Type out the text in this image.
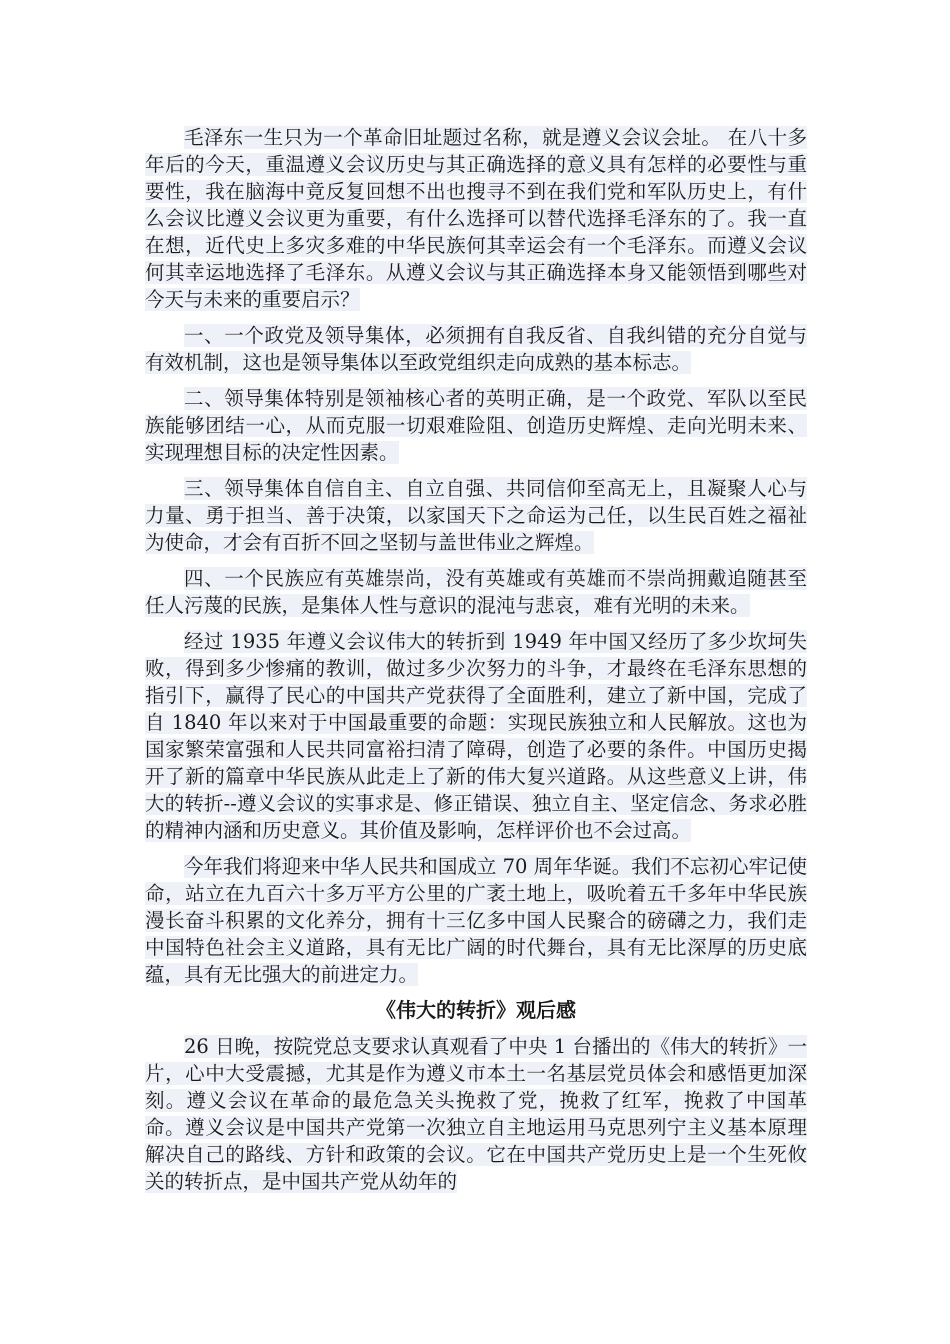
毛泽东一生只为一个革命旧址题过名称，就是遵义会议会址。 在八十多年后的今天，重温遵义会议历史与其正确选择的意义具有怎样的必要性与重要性，我在脑海中竟反复回想不出也搜寻不到在我们党和军队历史上，有什么会议比遵义会议更为重要，有什么选择可以替代选择毛泽东的了。我一直在想，近代史上多灾多难的中华民族何其幸运会有一个毛泽东。而遵义会议何其幸运地选择了毛泽东。从遵义会议与其正确选择本身又能领悟到哪些对今天与未来的重要启示？

一、一个政党及领导集体，必须拥有自我反省、自我纠错的充分自觉与有效机制，这也是领导集体以至政党组织走向成熟的基本标志。

二、领导集体特别是领袖核心者的英明正确，是一个政党、军队以至民族能够团结一心，从而克服一切艰难险阻、创造历史辉煌、走向光明未来、实现理想目标的决定性因素。

三、领导集体自信自主、自立自强、共同信仰至高无上，且凝聚人心与力量、勇于担当、善于决策，以家国天下之命运为己任，以生民百姓之福祉为使命，才会有百折不回之坚韧与盖世伟业之辉煌。

四、一个民族应有英雄崇尚，没有英雄或有英雄而不崇尚拥戴追随甚至任人污蔑的民族，是集体人性与意识的混沌与悲哀，难有光明的未来。

经过 1935 年遵义会议伟大的转折到 1949 年中国又经历了多少坎坷失败，得到多少惨痛的教训，做过多少次努力的斗争，才最终在毛泽东思想的指引下，赢得了民心的中国共产党获得了全面胜利，建立了新中国，完成了自 1840 年以来对于中国最重要的命题：实现民族独立和人民解放。这也为国家繁荣富强和人民共同富裕扫清了障碍，创造了必要的条件。中国历史揭开了新的篇章中华民族从此走上了新的伟大复兴道路。从这些意义上讲，伟大的转折--遵义会议的实事求是、修正错误、独立自主、坚定信念、务求必胜的精神内涵和历史意义。其价值及影响，怎样评价也不会过高。

今年我们将迎来中华人民共和国成立 70 周年华诞。我们不忘初心牢记使命，站立在九百六十多万平方公里的广袤土地上，吸吮着五千多年中华民族漫长奋斗积累的文化养分，拥有十三亿多中国人民聚合的磅礴之力，我们走中国特色社会主义道路，具有无比广阔的时代舞台，具有无比深厚的历史底蕴，具有无比强大的前进定力。

《伟大的转折》观后感

26 日晚，按院党总支要求认真观看了中央 1 台播出的《伟大的转折》一片，心中大受震撼，尤其是作为遵义市本土一名基层党员体会和感悟更加深刻。遵义会议在革命的最危急关头挽救了党，挽救了红军，挽救了中国革命。遵义会议是中国共产党第一次独立自主地运用马克思列宁主义基本原理解决自己的路线、方针和政策的会议。它在中国共产党历史上是一个生死攸关的转折点，是中国共产党从幼年的
